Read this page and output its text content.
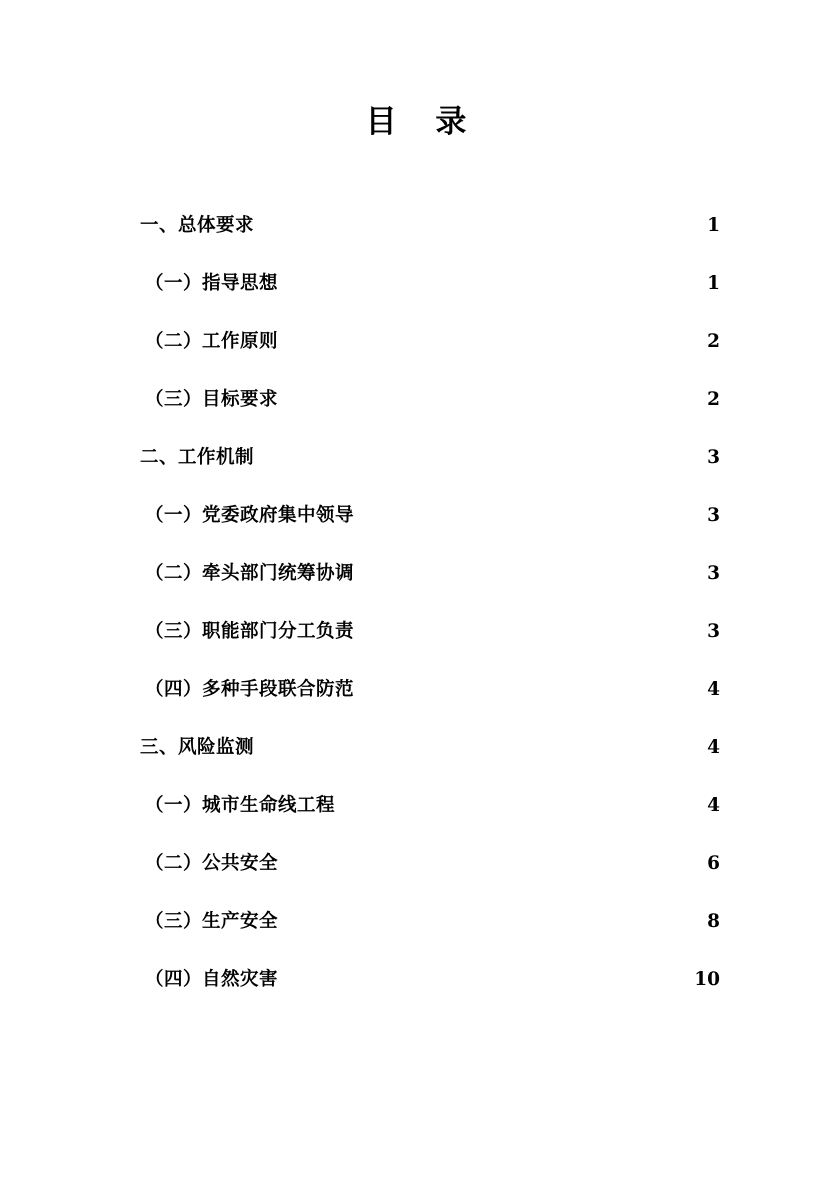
目 录
一、总体要求 .....	1
（一）指导思想 .....	1
（二）工作原则 .....	2
（三）目标要求 .....	2
二、工作机制 .....	3
（一）党委政府集中领导 .....	3
（二）牵头部门统筹协调 .....	3
（三）职能部门分工负责 .....	3
（四）多种手段联合防范 .....	4
三、风险监测 .....	4
（一）城市生命线工程 .....	4
（二）公共安全 .....	6
（三）生产安全 .....	8
（四）自然灾害 .....	10
